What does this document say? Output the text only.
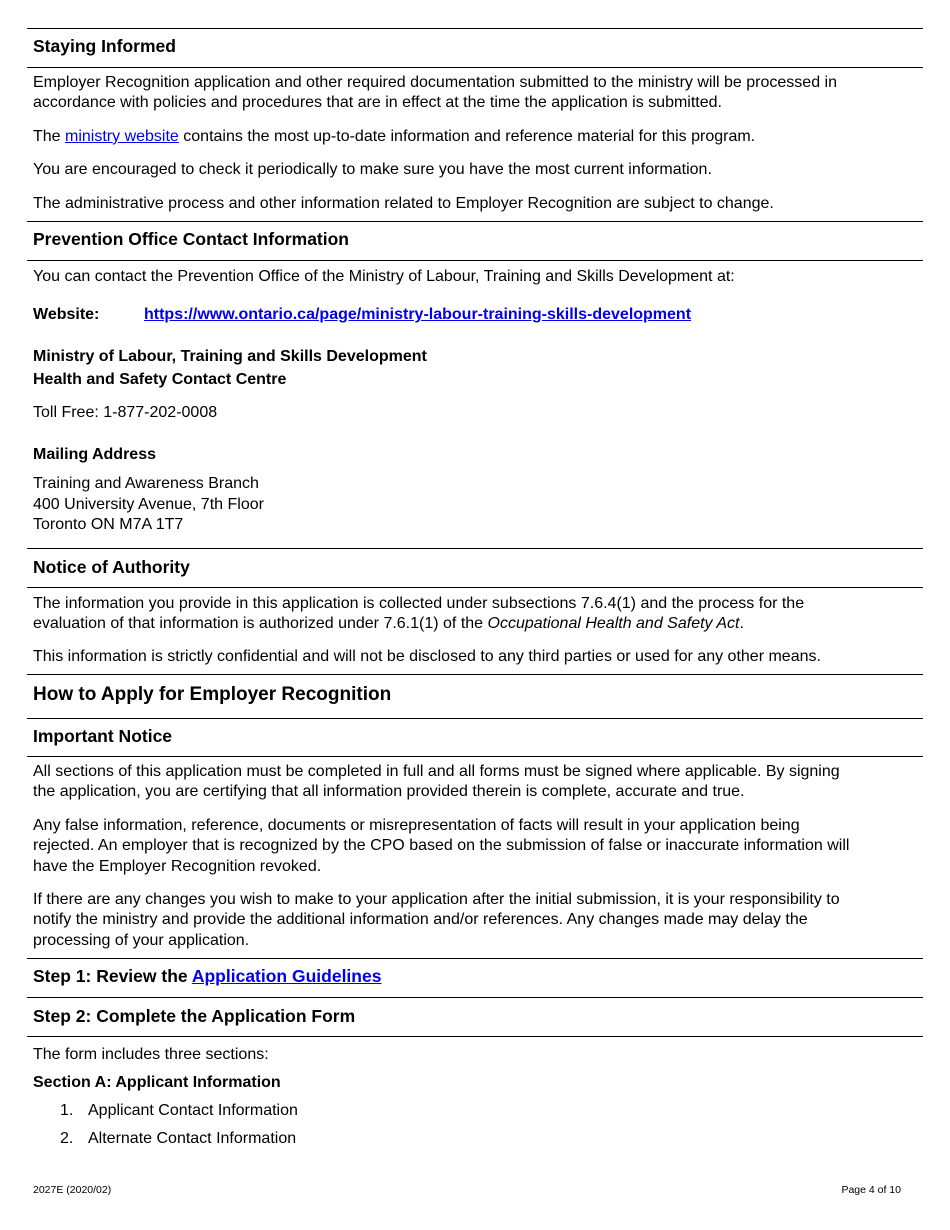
Staying Informed
Employer Recognition application and other required documentation submitted to the ministry will be processed in
accordance with policies and procedures that are in effect at the time the application is submitted.
The ministry website contains the most up-to-date information and reference material for this program.
You are encouraged to check it periodically to make sure you have the most current information.
The administrative process and other information related to Employer Recognition are subject to change.
Prevention Office Contact Information
You can contact the Prevention Office of the Ministry of Labour, Training and Skills Development at:
Website:	https://www.ontario.ca/page/ministry-labour-training-skills-development
Ministry of Labour, Training and Skills Development
Health and Safety Contact Centre
Toll Free: 1-877-202-0008
Mailing Address
Training and Awareness Branch
400 University Avenue, 7th Floor
Toronto ON M7A 1T7
Notice of Authority
The information you provide in this application is collected under subsections 7.6.4(1) and the process for the
evaluation of that information is authorized under 7.6.1(1) of the Occupational Health and Safety Act.
This information is strictly confidential and will not be disclosed to any third parties or used for any other means.
How to Apply for Employer Recognition
Important Notice
All sections of this application must be completed in full and all forms must be signed where applicable. By signing
the application, you are certifying that all information provided therein is complete, accurate and true.
Any false information, reference, documents or misrepresentation of facts will result in your application being
rejected. An employer that is recognized by the CPO based on the submission of false or inaccurate information will
have the Employer Recognition revoked.
If there are any changes you wish to make to your application after the initial submission, it is your responsibility to
notify the ministry and provide the additional information and/or references. Any changes made may delay the
processing of your application.
Step 1: Review the Application Guidelines
Step 2: Complete the Application Form
The form includes three sections:
Section A: Applicant Information
1. Applicant Contact Information
2. Alternate Contact Information
2027E (2020/02)	Page 4 of 10
